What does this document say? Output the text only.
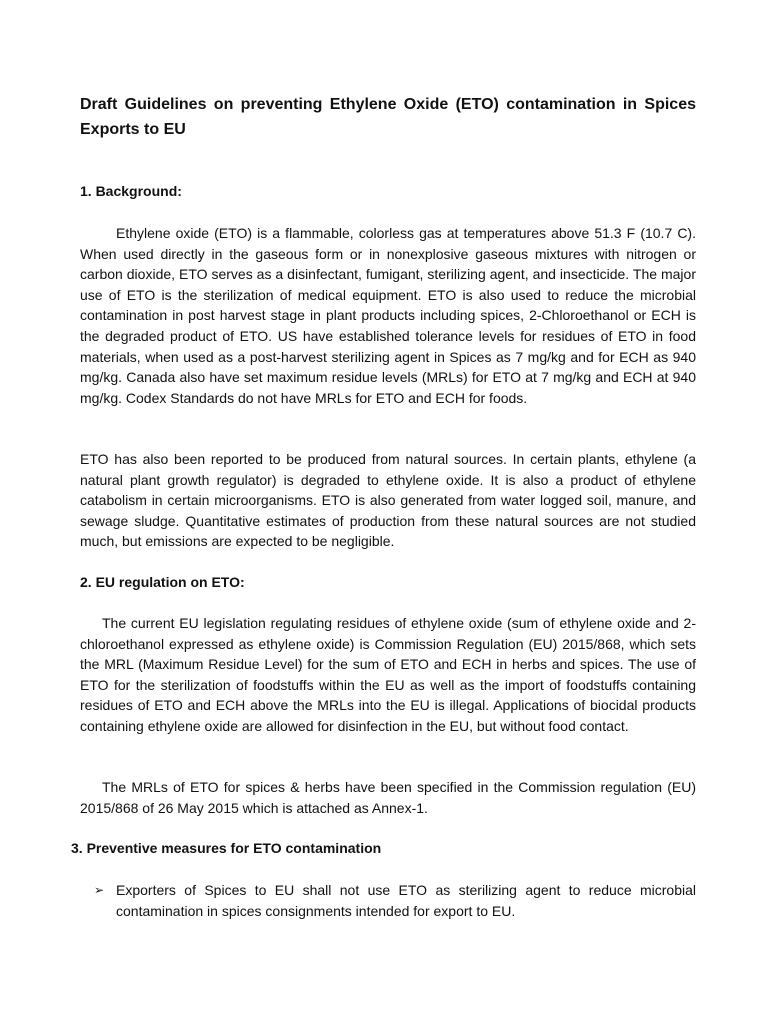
Draft Guidelines on preventing Ethylene Oxide (ETO) contamination in Spices Exports to EU
1. Background:

Ethylene oxide (ETO) is a flammable, colorless gas at temperatures above 51.3 F (10.7 C). When used directly in the gaseous form or in nonexplosive gaseous mixtures with nitrogen or carbon dioxide, ETO serves as a disinfectant, fumigant, sterilizing agent, and insecticide. The major use of ETO is the sterilization of medical equipment. ETO is also used to reduce the microbial contamination in post harvest stage in plant products including spices, 2-Chloroethanol or ECH is the degraded product of ETO. US have established tolerance levels for residues of ETO in food materials, when used as a post-harvest sterilizing agent in Spices as 7 mg/kg and for ECH as 940 mg/kg. Canada also have set maximum residue levels (MRLs) for ETO at 7 mg/kg and ECH at 940 mg/kg. Codex Standards do not have MRLs for ETO and ECH for foods.

ETO has also been reported to be produced from natural sources. In certain plants, ethylene (a natural plant growth regulator) is degraded to ethylene oxide. It is also a product of ethylene catabolism in certain microorganisms. ETO is also generated from water logged soil, manure, and sewage sludge. Quantitative estimates of production from these natural sources are not studied much, but emissions are expected to be negligible.

2. EU regulation on ETO:

The current EU legislation regulating residues of ethylene oxide (sum of ethylene oxide and 2-chloroethanol expressed as ethylene oxide) is Commission Regulation (EU) 2015/868, which sets the MRL (Maximum Residue Level) for the sum of ETO and ECH in herbs and spices. The use of ETO for the sterilization of foodstuffs within the EU as well as the import of foodstuffs containing residues of ETO and ECH above the MRLs into the EU is illegal. Applications of biocidal products containing ethylene oxide are allowed for disinfection in the EU, but without food contact.

The MRLs of ETO for spices & herbs have been specified in the Commission regulation (EU) 2015/868 of 26 May 2015 which is attached as Annex-1.

3. Preventive measures for ETO contamination
➢ Exporters of Spices to EU shall not use ETO as sterilizing agent to reduce microbial contamination in spices consignments intended for export to EU.
